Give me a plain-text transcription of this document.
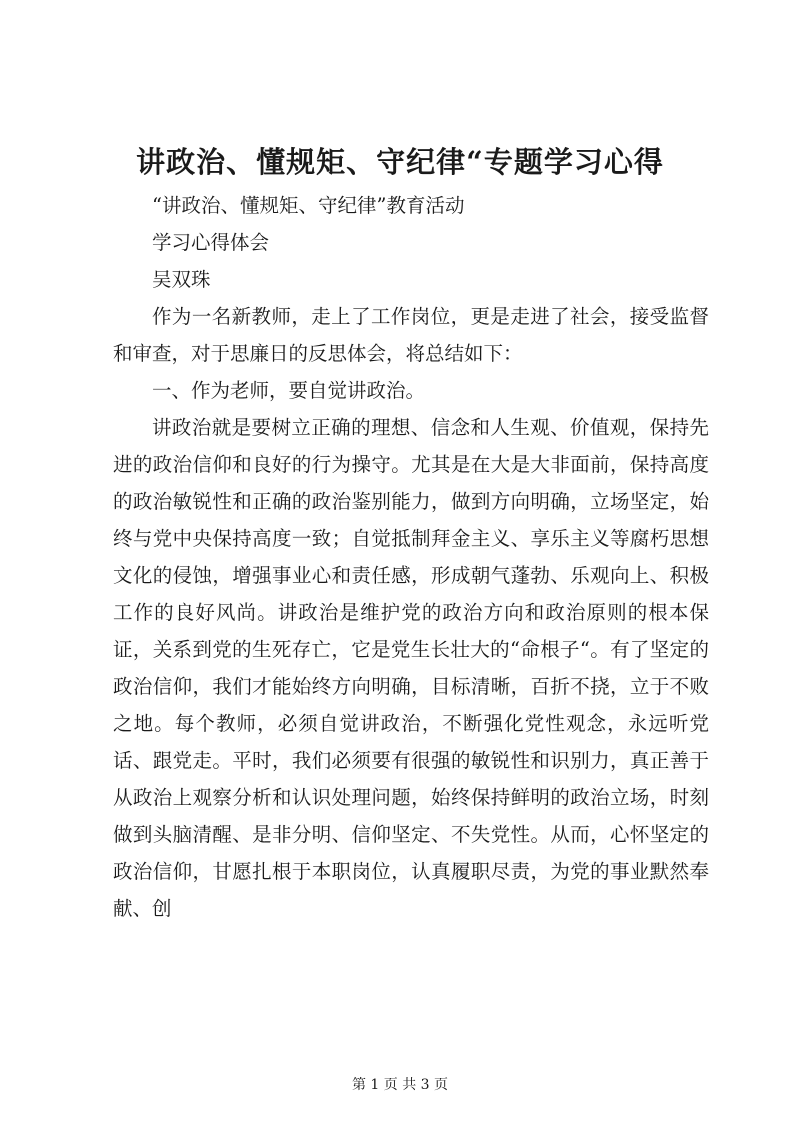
讲政治、懂规矩、守纪律“专题学习心得

“讲政治、懂规矩、守纪律”教育活动

学习心得体会

吴双珠

作为一名新教师，走上了工作岗位，更是走进了社会，接受监督和审查，对于思廉日的反思体会，将总结如下：

一、作为老师，要自觉讲政治。

讲政治就是要树立正确的理想、信念和人生观、价值观，保持先进的政治信仰和良好的行为操守。尤其是在大是大非面前，保持高度的政治敏锐性和正确的政治鉴别能力，做到方向明确，立场坚定，始终与党中央保持高度一致；自觉抵制拜金主义、享乐主义等腐朽思想文化的侵蚀，增强事业心和责任感，形成朝气蓬勃、乐观向上、积极工作的良好风尚。讲政治是维护党的政治方向和政治原则的根本保证，关系到党的生死存亡，它是党生长壮大的“命根子“。有了坚定的政治信仰，我们才能始终方向明确，目标清晰，百折不挠，立于不败之地。每个教师，必须自觉讲政治，不断强化党性观念，永远听党话、跟党走。平时，我们必须要有很强的敏锐性和识别力，真正善于从政治上观察分析和认识处理问题，始终保持鲜明的政治立场，时刻做到头脑清醒、是非分明、信仰坚定、不失党性。从而，心怀坚定的政治信仰，甘愿扎根于本职岗位，认真履职尽责，为党的事业默然奉献、创

第 1 页 共 3 页
